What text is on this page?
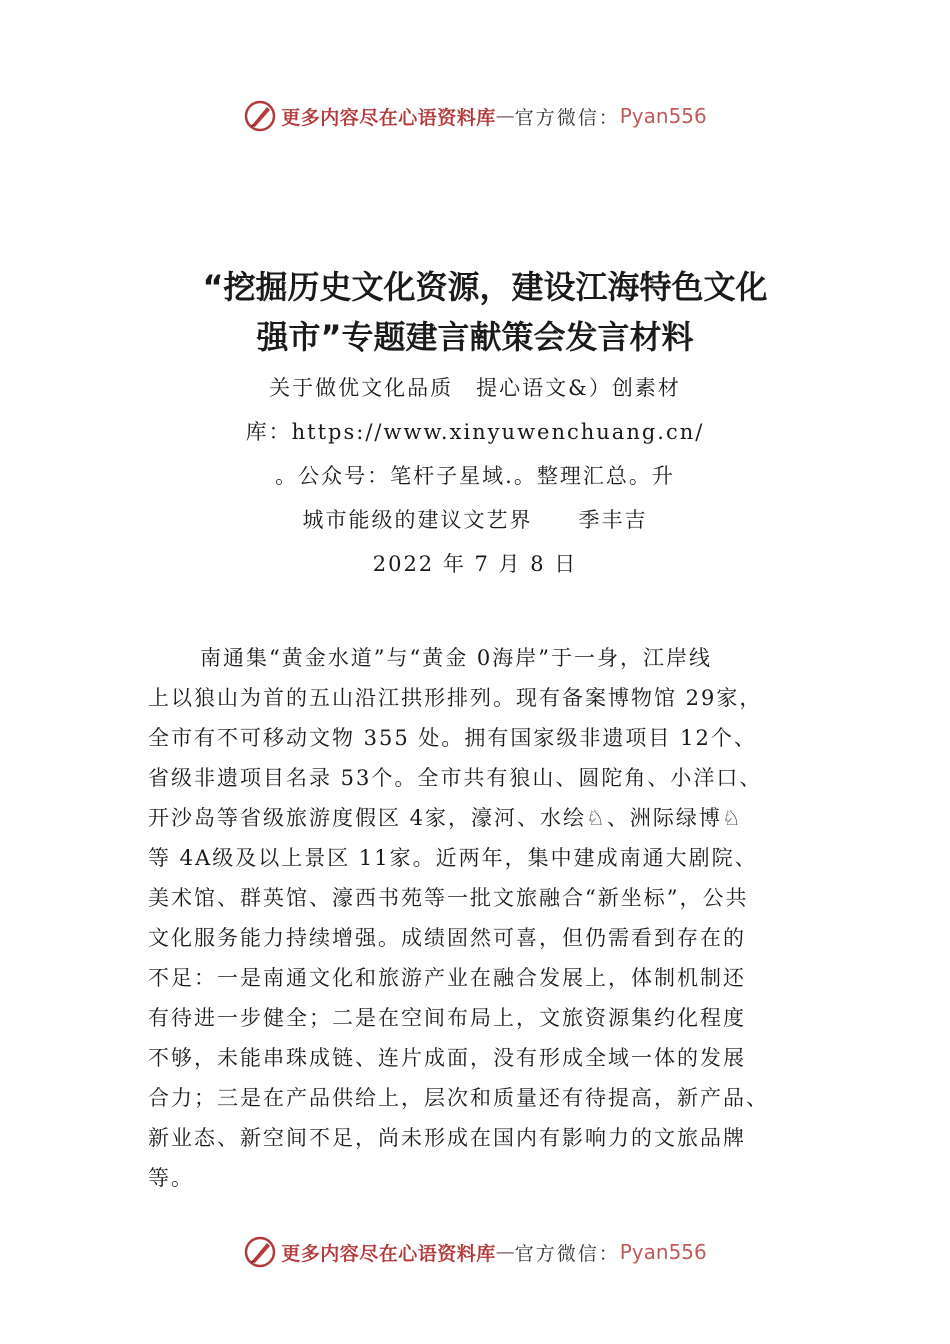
更多内容尽在心语资料库 — 官方微信： Pyan556
“挖掘历史文化资源，建设江海特色文化
强市”专题建言献策会发言材料
关于做优文化品质　提心语文&）创素材
库：https://www.xinyuwenchuang.cn/
。公众号：笔杆子星域.。整理汇总。升
城市能级的建议文艺界　　季丰吉
2022 年 7 月 8 日
南通集“黄金水道”与“黄金 0海岸”于一身，江岸线
上以狼山为首的五山沿江拱形排列。现有备案博物馆 29家，
全市有不可移动文物 355 处。拥有国家级非遗项目 12个、
省级非遗项目名录 53个。全市共有狼山、圆陀角、小洋口、
开沙岛等省级旅游度假区 4家，濠河、水绘♘、洲际绿博♘
等 4A级及以上景区 11家。近两年，集中建成南通大剧院、
美术馆、群英馆、濠西书苑等一批文旅融合“新坐标”，公共
文化服务能力持续增强。成绩固然可喜，但仍需看到存在的
不足：一是南通文化和旅游产业在融合发展上，体制机制还
有待进一步健全；二是在空间布局上，文旅资源集约化程度
不够，未能串珠成链、连片成面，没有形成全域一体的发展
合力；三是在产品供给上，层次和质量还有待提高，新产品、
新业态、新空间不足，尚未形成在国内有影响力的文旅品牌
等。
更多内容尽在心语资料库 — 官方微信： Pyan556
